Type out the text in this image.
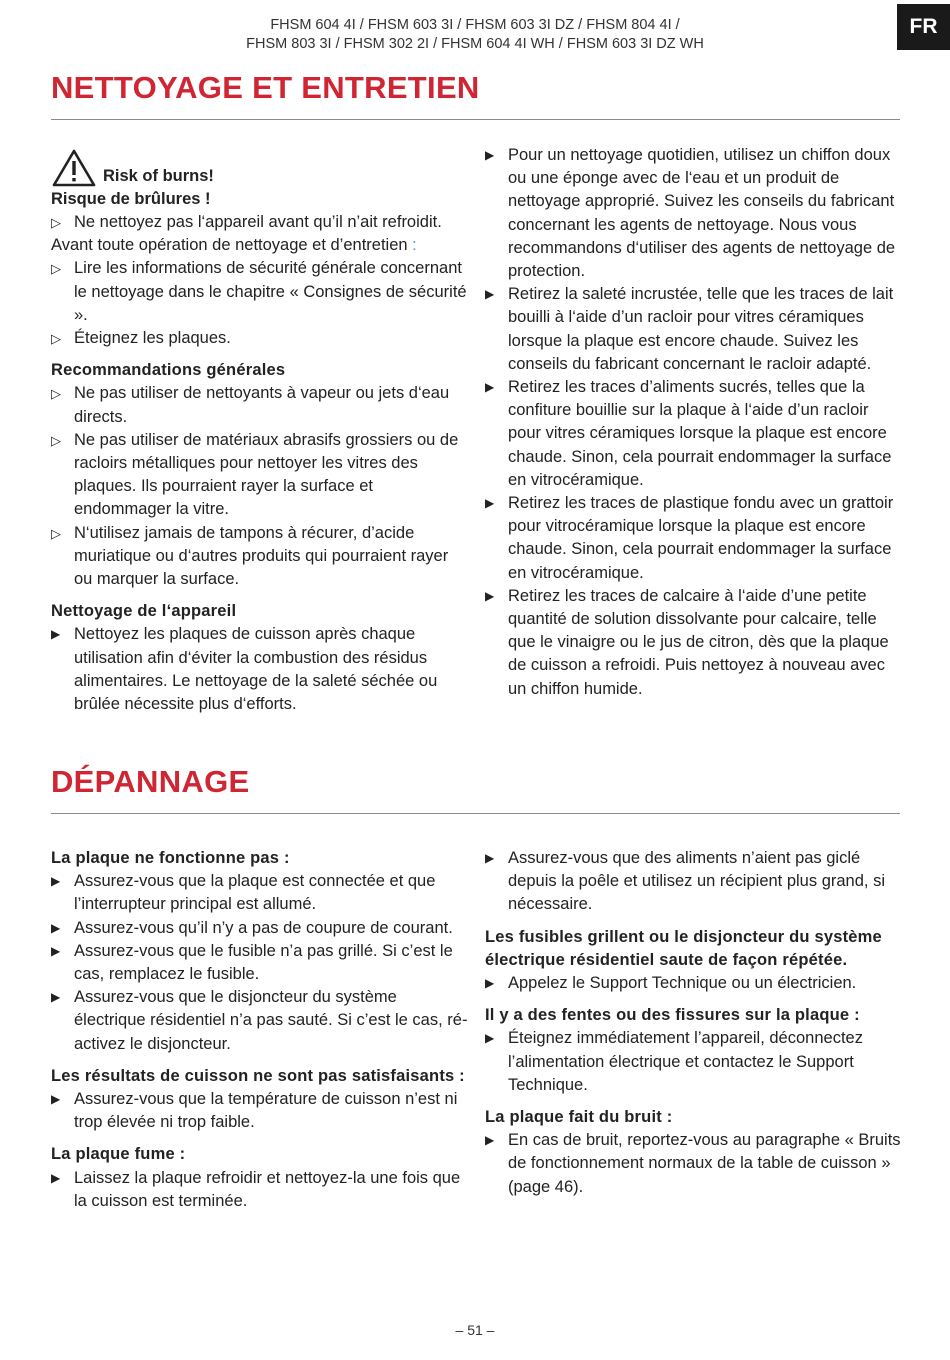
FHSM 604 4I / FHSM 603 3I / FHSM 603 3I DZ / FHSM 804 4I /
FHSM 803 3I / FHSM 302 2I / FHSM 604 4I WH / FHSM 603 3I DZ WH
FR
NETTOYAGE ET ENTRETIEN
Risk of burns!

Risque de brûlures !

▷ Ne nettoyez pas l‘appareil avant qu’il n’ait refroidit.

Avant toute opération de nettoyage et d’entretien :

▷ Lire les informations de sécurité générale concernant le nettoyage dans le chapitre « Consignes de sécurité ».

▷ Éteignez les plaques.

Recommandations générales

▷ Ne pas utiliser de nettoyants à vapeur ou jets d‘eau directs.

▷ Ne pas utiliser de matériaux abrasifs grossiers ou de racloirs métalliques pour nettoyer les vitres des plaques. Ils pourraient rayer la surface et endommager la vitre.

▷ N‘utilisez jamais de tampons à récurer, d’acide muriatique ou d‘autres produits qui pourraient rayer ou marquer la surface.

Nettoyage de l‘appareil

▶ Nettoyez les plaques de cuisson après chaque utilisation afin d‘éviter la combustion des résidus alimentaires. Le nettoyage de la saleté séchée ou brûlée nécessite plus d‘efforts.

▶ Pour un nettoyage quotidien, utilisez un chiffon doux ou une éponge avec de l‘eau et un produit de nettoyage approprié. Suivez les conseils du fabricant concernant les agents de nettoyage. Nous vous recommandons d‘utiliser des agents de nettoyage de protection.

▶ Retirez la saleté incrustée, telle que les traces de lait bouilli à l‘aide d’un racloir pour vitres céramiques lorsque la plaque est encore chaude. Suivez les conseils du fabricant concernant le racloir adapté.

▶ Retirez les traces d’aliments sucrés, telles que la confiture bouillie sur la plaque à l‘aide d’un racloir pour vitres céramiques lorsque la plaque est encore chaude. Sinon, cela pourrait endommager la surface en vitrocéramique.

▶ Retirez les traces de plastique fondu avec un grattoir pour vitrocéramique lorsque la plaque est encore chaude. Sinon, cela pourrait endommager la surface en vitrocéramique.

▶ Retirez les traces de calcaire à l‘aide d’une petite quantité de solution dissolvante pour calcaire, telle que le vinaigre ou le jus de citron, dès que la plaque de cuisson a refroidi. Puis nettoyez à nouveau avec un chiffon humide.

DÉPANNAGE

La plaque ne fonctionne pas :

▶ Assurez-vous que la plaque est connectée et que l’interrupteur principal est allumé.

▶ Assurez-vous qu’il n’y a pas de coupure de courant.

▶ Assurez-vous que le fusible n’a pas grillé. Si c’est le cas, remplacez le fusible.

▶ Assurez-vous que le disjoncteur du système électrique résidentiel n’a pas sauté. Si c’est le cas, ré-activez le disjoncteur.

Les résultats de cuisson ne sont pas satisfaisants :

▶ Assurez-vous que la température de cuisson n’est ni trop élevée ni trop faible.

La plaque fume :

▶ Laissez la plaque refroidir et nettoyez-la une fois que la cuisson est terminée.

▶ Assurez-vous que des aliments n’aient pas giclé depuis la poêle et utilisez un récipient plus grand, si nécessaire.

Les fusibles grillent ou le disjoncteur du système électrique résidentiel saute de façon répétée.

▶ Appelez le Support Technique ou un électricien.

Il y a des fentes ou des fissures sur la plaque :

▶ Éteignez immédiatement l’appareil, déconnectez l’alimentation électrique et contactez le Support Technique.

La plaque fait du bruit :

▶ En cas de bruit, reportez-vous au paragraphe « Bruits de fonctionnement normaux de la table de cuisson » (page 46).

– 51 –
